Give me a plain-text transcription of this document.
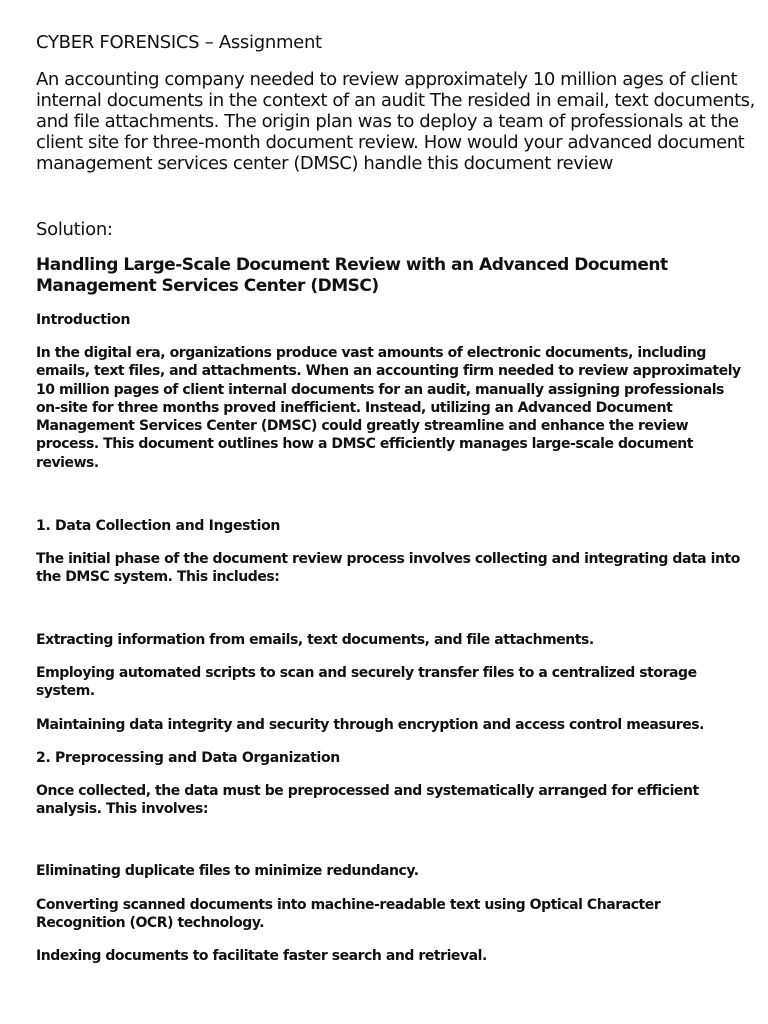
CYBER FORENSICS – Assignment
An accounting company needed to review approximately 10 million ages of client
internal documents in the context of an audit The resided in email, text documents,
and file attachments. The origin plan was to deploy a team of professionals at the
client site for three-month document review. How would your advanced document
management services center (DMSC) handle this document review
Solution:
Handling Large-Scale Document Review with an Advanced Document
Management Services Center (DMSC)
Introduction
In the digital era, organizations produce vast amounts of electronic documents, including
emails, text files, and attachments. When an accounting firm needed to review approximately
10 million pages of client internal documents for an audit, manually assigning professionals
on-site for three months proved inefficient. Instead, utilizing an Advanced Document
Management Services Center (DMSC) could greatly streamline and enhance the review
process. This document outlines how a DMSC efficiently manages large-scale document
reviews.
1. Data Collection and Ingestion
The initial phase of the document review process involves collecting and integrating data into
the DMSC system. This includes:
Extracting information from emails, text documents, and file attachments.
Employing automated scripts to scan and securely transfer files to a centralized storage
system.
Maintaining data integrity and security through encryption and access control measures.
2. Preprocessing and Data Organization
Once collected, the data must be preprocessed and systematically arranged for efficient
analysis. This involves:
Eliminating duplicate files to minimize redundancy.
Converting scanned documents into machine-readable text using Optical Character
Recognition (OCR) technology.
Indexing documents to facilitate faster search and retrieval.
